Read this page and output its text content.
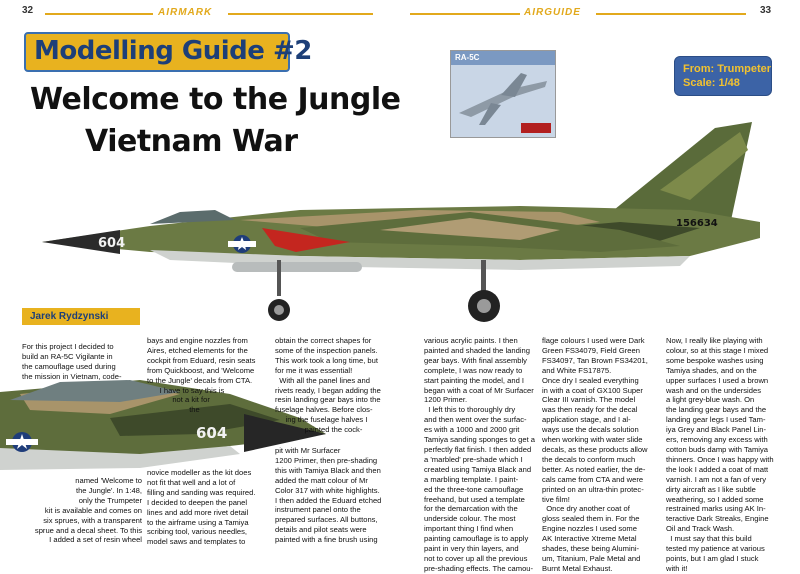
32	AIRMARK	AIRGUIDE	33
Modelling Guide #2
Welcome to the Jungle
Vietnam War
RA-5C
From: Trumpeter
Scale: 1/48
604
156634
Jarek Rydzynski
604
For this project I decided to
build an RA-5C Vigilante in
the camouflage used during
the mission in Vietnam, code-
named 'Welcome to
the Jungle'. In 1:48,
only the Trumpeter
kit is available and comes on
six sprues, with a transparent
sprue and a decal sheet. To this
I added a set of resin wheel
bays and engine nozzles from
Aires, etched elements for the
cockpit from Eduard, resin seats
from Quickboost, and 'Welcome
to the Jungle' decals from CTA.
I have to say this is
not a kit for
the
novice modeller as the kit does
not fit that well and a lot of
filling and sanding was required.
I decided to deepen the panel
lines and add more rivet detail
to the airframe using a Tamiya
scribing tool, various needles,
model saws and templates to
obtain the correct shapes for
some of the inspection panels.
This work took a long time, but
for me it was essential!
With all the panel lines and
rivets ready, I began adding the
resin landing gear bays into the
fuselage halves. Before clos-
ing the fuselage halves I
painted the cock-
pit with Mr Surfacer
1200 Primer, then pre-shading
this with Tamiya Black and then
added the matt colour of Mr
Color 317 with white highlights.
I then added the Eduard etched
instrument panel onto the
prepared surfaces. All buttons,
details and pilot seats were
painted with a fine brush using
various acrylic paints. I then
painted and shaded the landing
gear bays. With final assembly
complete, I was now ready to
start painting the model, and I
began with a coat of Mr Surfacer
1200 Primer.
I left this to thoroughly dry
and then went over the surfac-
es with a 1000 and 2000 grit
Tamiya sanding sponges to get a
perfectly flat finish. I then added
a 'marbled' pre-shade which I
created using Tamiya Black and
a marbling template. I paint-
ed the three-tone camouflage
freehand, but used a template
for the demarcation with the
underside colour. The most
important thing I find when
painting camouflage is to apply
paint in very thin layers, and
not to cover up all the previous
pre-shading effects. The camou-
flage colours I used were Dark
Green FS34079, Field Green
FS34097, Tan Brown FS34201,
and White FS17875.
Once dry I sealed everything
in with a coat of GX100 Super
Clear III varnish. The model
was then ready for the decal
application stage, and I al-
ways use the decals solution
when working with water slide
decals, as these products allow
the decals to conform much
better. As noted earlier, the de-
cals came from CTA and were
printed on an ultra-thin protec-
tive film!
Once dry another coat of
gloss sealed them in. For the
Engine nozzles I used some
AK Interactive Xtreme Metal
shades, these being Alumini-
um, Titanium, Pale Metal and
Burnt Metal Exhaust.
Now, I really like playing with
colour, so at this stage I mixed
some bespoke washes using
Tamiya shades, and on the
upper surfaces I used a brown
wash and on the undersides
a light grey-blue wash. On
the landing gear bays and the
landing gear legs I used Tam-
iya Grey and Black Panel Lin-
ers, removing any excess with
cotton buds damp with Tamiya
thinners. Once I was happy with
the look I added a coat of matt
varnish. I am not a fan of very
dirty aircraft as I like subtle
weathering, so I added some
restrained marks using AK In-
teractive Dark Streaks, Engine
Oil and Track Wash.
I must say that this build
tested my patience at various
points, but I am glad I stuck
with it!
